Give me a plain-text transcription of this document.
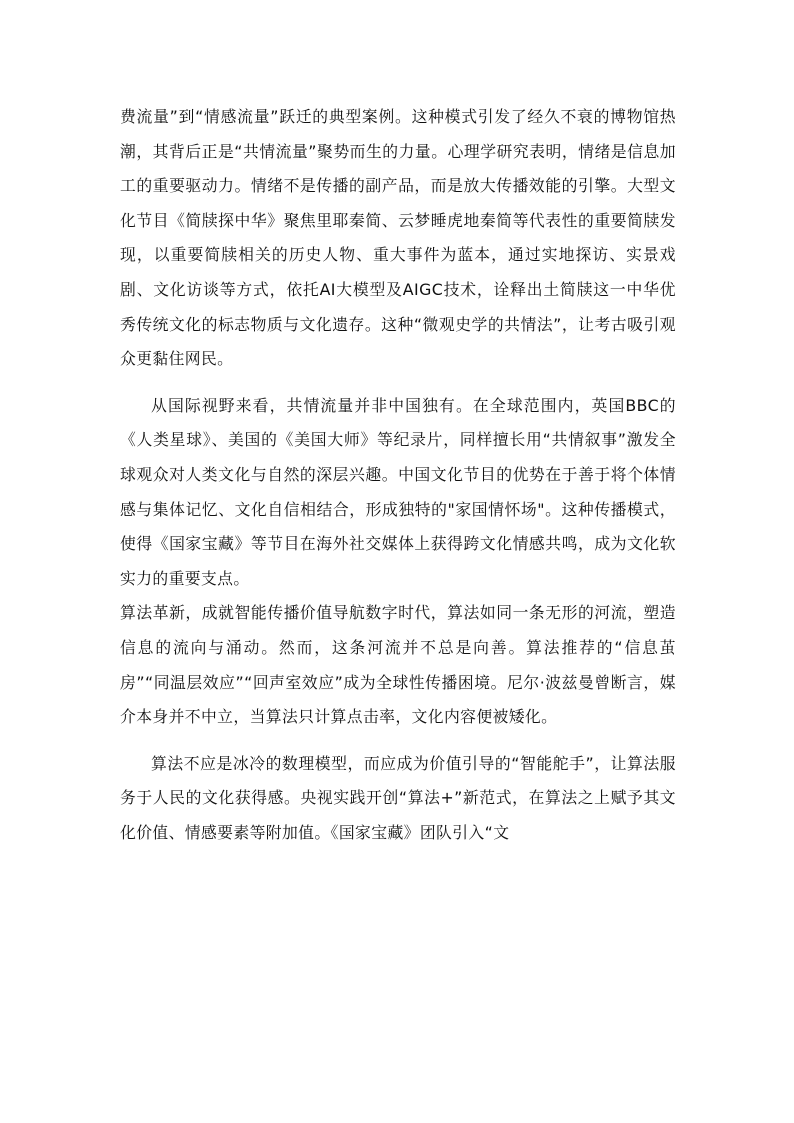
费流量”到“情感流量”跃迁的典型案例。这种模式引发了经久不衰的博物馆热潮，其背后正是“共情流量”聚势而生的力量。心理学研究表明，情绪是信息加工的重要驱动力。情绪不是传播的副产品，而是放大传播效能的引擎。大型文化节目《简牍探中华》聚焦里耶秦简、云梦睡虎地秦简等代表性的重要简牍发现，以重要简牍相关的历史人物、重大事件为蓝本，通过实地探访、实景戏剧、文化访谈等方式，依托AI大模型及AIGC技术，诠释出土简牍这一中华优秀传统文化的标志物质与文化遗存。这种“微观史学的共情法”，让考古吸引观众更黏住网民。

从国际视野来看，共情流量并非中国独有。在全球范围内，英国BBC的《人类星球》、美国的《美国大师》等纪录片，同样擅长用“共情叙事”激发全球观众对人类文化与自然的深层兴趣。中国文化节目的优势在于善于将个体情感与集体记忆、文化自信相结合，形成独特的"家国情怀场"。这种传播模式，使得《国家宝藏》等节目在海外社交媒体上获得跨文化情感共鸣，成为文化软实力的重要支点。

算法革新，成就智能传播价值导航数字时代，算法如同一条无形的河流，塑造信息的流向与涌动。然而，这条河流并不总是向善。算法推荐的“信息茧房”“同温层效应”“回声室效应”成为全球性传播困境。尼尔·波兹曼曾断言，媒介本身并不中立，当算法只计算点击率，文化内容便被矮化。

算法不应是冰冷的数理模型，而应成为价值引导的“智能舵手”，让算法服务于人民的文化获得感。央视实践开创“算法+”新范式，在算法之上赋予其文化价值、情感要素等附加值。《国家宝藏》团队引入“文
